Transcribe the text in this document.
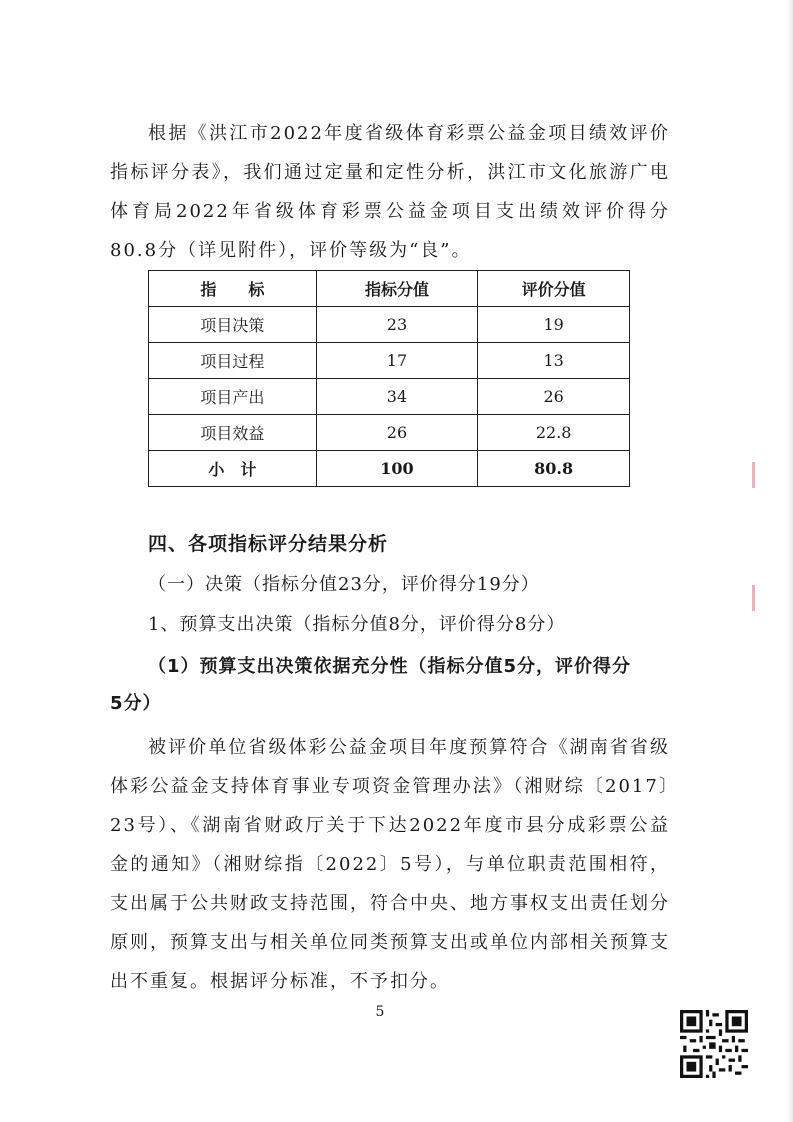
根据《洪江市2022年度省级体育彩票公益金项目绩效评价指标评分表》，我们通过定量和定性分析，洪江市文化旅游广电体育局2022年省级体育彩票公益金项目支出绩效评价得分80.8分（详见附件），评价等级为“良”。

指　　标	指标分值	评价分值
项目决策	23	19
项目过程	17	13
项目产出	34	26
项目效益	26	22.8
小　计	100	80.8
四、各项指标评分结果分析

（一）决策（指标分值23分，评价得分19分）

1、预算支出决策（指标分值8分，评价得分8分）

（1）预算支出决策依据充分性（指标分值5分，评价得分

5分）

被评价单位省级体彩公益金项目年度预算符合《湖南省省级体彩公益金支持体育事业专项资金管理办法》（湘财综〔2017〕23号）、《湖南省财政厅关于下达2022年度市县分成彩票公益金的通知》（湘财综指〔2022〕5号），与单位职责范围相符，支出属于公共财政支持范围，符合中央、地方事权支出责任划分原则，预算支出与相关单位同类预算支出或单位内部相关预算支出不重复。根据评分标准，不予扣分。

5
